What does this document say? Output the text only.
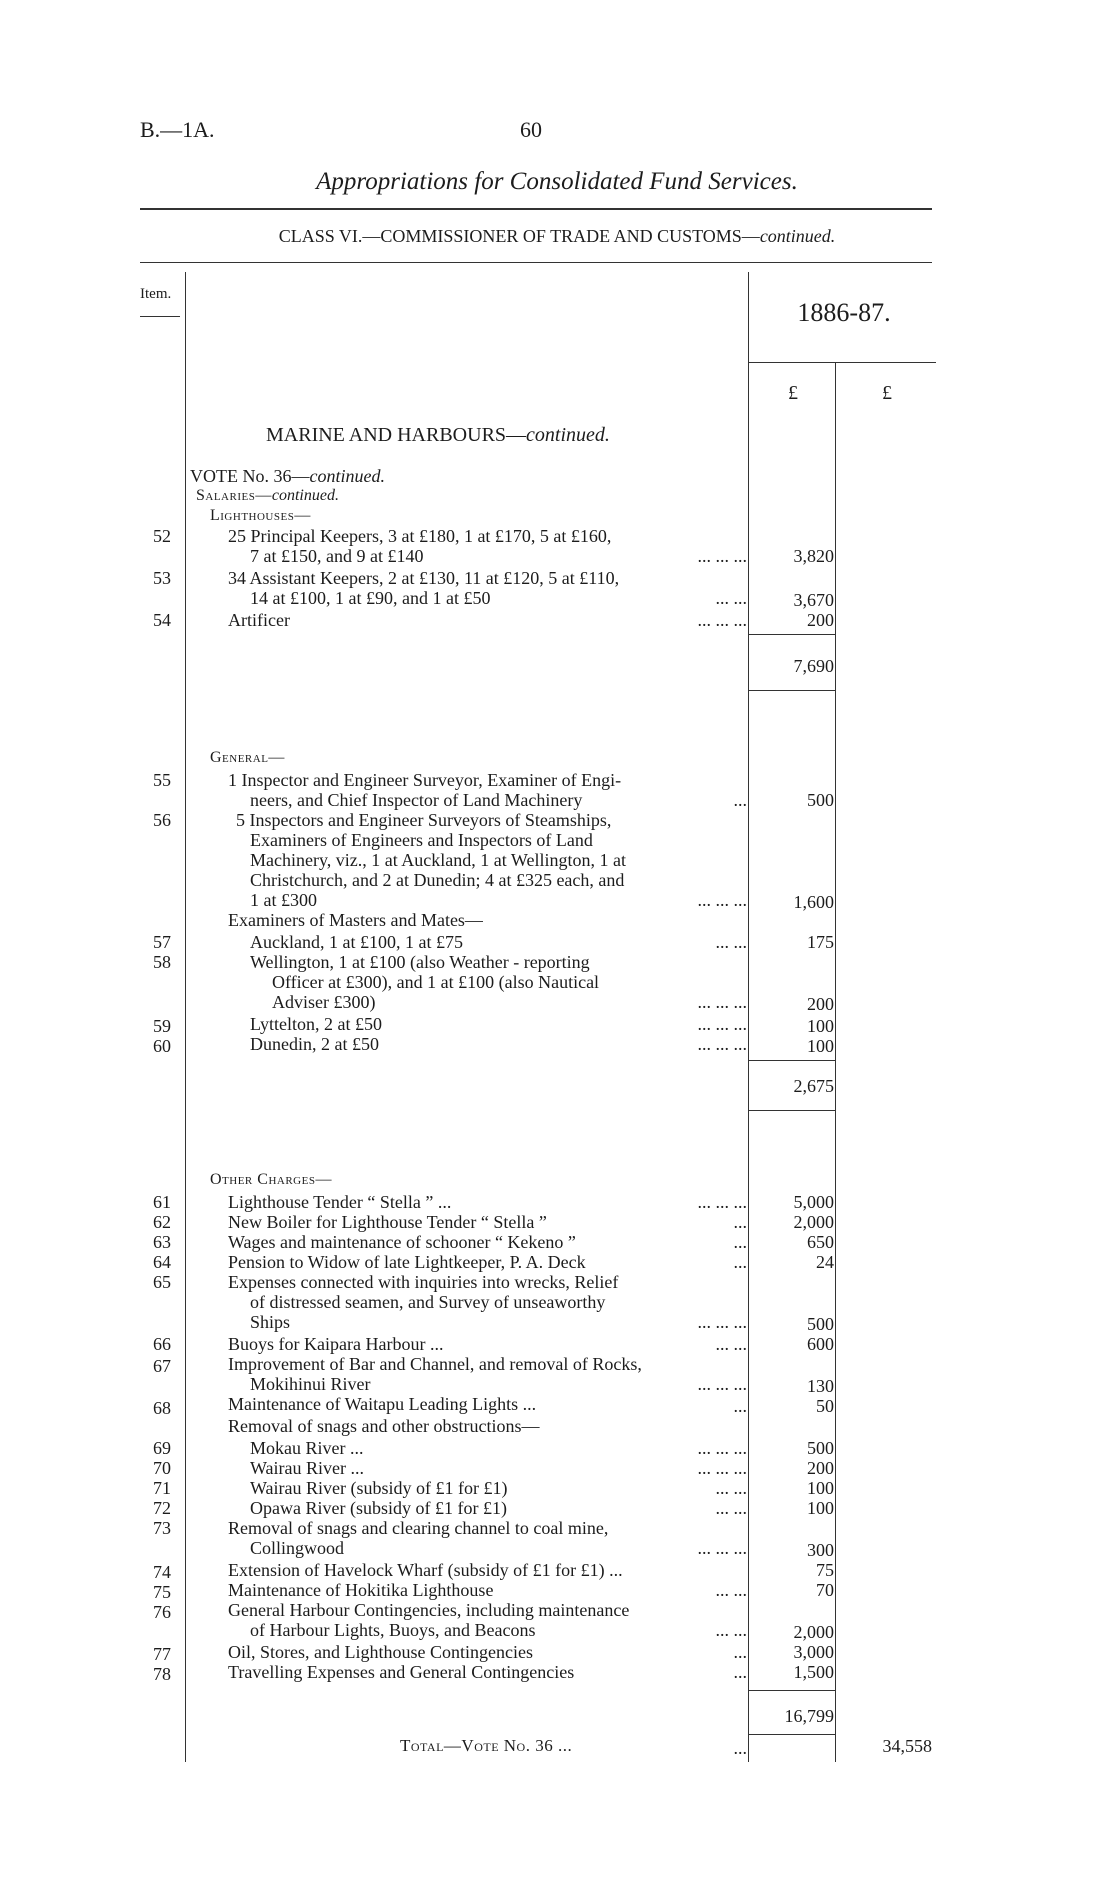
B.—1A.	60
Appropriations for Consolidated Fund Services.
CLASS VI.—COMMISSIONER OF TRADE AND CUSTOMS—continued.
Item.
1886-87.
£	£
MARINE AND HARBOURS—continued.
VOTE No. 36—continued.
Salaries—continued.
Lighthouses—
52	25 Principal Keepers, 3 at £180, 1 at £170, 5 at £160,
7 at £150, and 9 at £140	... ... ...	3,820
53	34 Assistant Keepers, 2 at £130, 11 at £120, 5 at £110,
14 at £100, 1 at £90, and 1 at £50	... ...	3,670
54	Artificer	... ... ...	200
7,690
General—
55	1 Inspector and Engineer Surveyor, Examiner of Engi-
neers, and Chief Inspector of Land Machinery	...	500
56	5 Inspectors and Engineer Surveyors of Steamships,
Examiners of Engineers and Inspectors of Land
Machinery, viz., 1 at Auckland, 1 at Wellington, 1 at
Christchurch, and 2 at Dunedin; 4 at £325 each, and
1 at £300	... ... ...	1,600
Examiners of Masters and Mates—
57	Auckland, 1 at £100, 1 at £75	... ...	175
58	Wellington, 1 at £100 (also Weather - reporting
Officer at £300), and 1 at £100 (also Nautical
Adviser £300)	... ... ...	200
59	Lyttelton, 2 at £50	... ... ...	100
60	Dunedin, 2 at £50	... ... ...	100
2,675
Other Charges—
61	Lighthouse Tender “ Stella ” ...	... ... ...	5,000
62	New Boiler for Lighthouse Tender “ Stella ”	...	2,000
63	Wages and maintenance of schooner “ Kekeno ”	...	650
64	Pension to Widow of late Lightkeeper, P. A. Deck	...	24
65	Expenses connected with inquiries into wrecks, Relief
of distressed seamen, and Survey of unseaworthy
Ships	... ... ...	500
66	Buoys for Kaipara Harbour ...	... ...	600
67	Improvement of Bar and Channel, and removal of Rocks,
Mokihinui River	... ... ...	130
68	Maintenance of Waitapu Leading Lights ...	...	50
Removal of snags and other obstructions—
69	Mokau River ...	... ... ...	500
70	Wairau River ...	... ... ...	200
71	Wairau River (subsidy of £1 for £1)	... ...	100
72	Opawa River (subsidy of £1 for £1)	... ...	100
73	Removal of snags and clearing channel to coal mine,
Collingwood	... ... ...	300
74	Extension of Havelock Wharf (subsidy of £1 for £1) ...	75
75	Maintenance of Hokitika Lighthouse	... ...	70
76	General Harbour Contingencies, including maintenance
of Harbour Lights, Buoys, and Beacons	... ...	2,000
77	Oil, Stores, and Lighthouse Contingencies	...	3,000
78	Travelling Expenses and General Contingencies	...	1,500
16,799
Total—Vote No. 36 ...	...	34,558
